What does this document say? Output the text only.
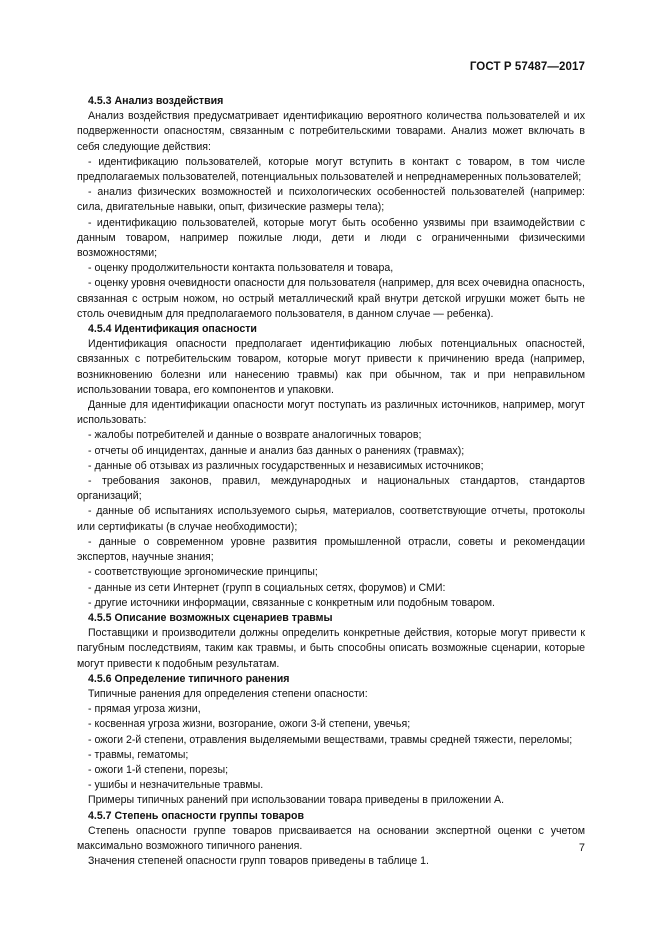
ГОСТ Р 57487—2017

4.5.3 Анализ воздействия

Анализ воздействия предусматривает идентификацию вероятного количества пользователей и их подверженности опасностям, связанным с потребительскими товарами. Анализ может включать в себя следующие действия:

- идентификацию пользователей, которые могут вступить в контакт с товаром, в том числе предполагаемых пользователей, потенциальных пользователей и непреднамеренных пользователей;

- анализ физических возможностей и психологических особенностей пользователей (например: сила, двигательные навыки, опыт, физические размеры тела);

- идентификацию пользователей, которые могут быть особенно уязвимы при взаимодействии с данным товаром, например пожилые люди, дети и люди с ограниченными физическими возможностями;

- оценку продолжительности контакта пользователя и товара,

- оценку уровня очевидности опасности для пользователя (например, для всех очевидна опасность, связанная с острым ножом, но острый металлический край внутри детской игрушки может быть не столь очевидным для предполагаемого пользователя, в данном случае — ребенка).

4.5.4 Идентификация опасности

Идентификация опасности предполагает идентификацию любых потенциальных опасностей, связанных с потребительским товаром, которые могут привести к причинению вреда (например, возникновению болезни или нанесению травмы) как при обычном, так и при неправильном использовании товара, его компонентов и упаковки.

Данные для идентификации опасности могут поступать из различных источников, например, могут использовать:

- жалобы потребителей и данные о возврате аналогичных товаров;

- отчеты об инцидентах, данные и анализ баз данных о ранениях (травмах);

- данные об отзывах из различных государственных и независимых источников;

- требования законов, правил, международных и национальных стандартов, стандартов организаций;

- данные об испытаниях используемого сырья, материалов, соответствующие отчеты, протоколы или сертификаты (в случае необходимости);

- данные о современном уровне развития промышленной отрасли, советы и рекомендации экспертов, научные знания;

- соответствующие эргономические принципы;

- данные из сети Интернет (групп в социальных сетях, форумов) и СМИ:

- другие источники информации, связанные с конкретным или подобным товаром.

4.5.5 Описание возможных сценариев травмы

Поставщики и производители должны определить конкретные действия, которые могут привести к пагубным последствиям, таким как травмы, и быть способны описать возможные сценарии, которые могут привести к подобным результатам.

4.5.6 Определение типичного ранения

Типичные ранения для определения степени опасности:

- прямая угроза жизни,

- косвенная угроза жизни, возгорание, ожоги 3-й степени, увечья;

- ожоги 2-й степени, отравления выделяемыми веществами, травмы средней тяжести, переломы;

- травмы, гематомы;

- ожоги 1-й степени, порезы;

- ушибы и незначительные травмы.

Примеры типичных ранений при использовании товара приведены в приложении А.

4.5.7 Степень опасности группы товаров

Степень опасности группе товаров присваивается на основании экспертной оценки с учетом максимально возможного типичного ранения.

Значения степеней опасности групп товаров приведены в таблице 1.

7
